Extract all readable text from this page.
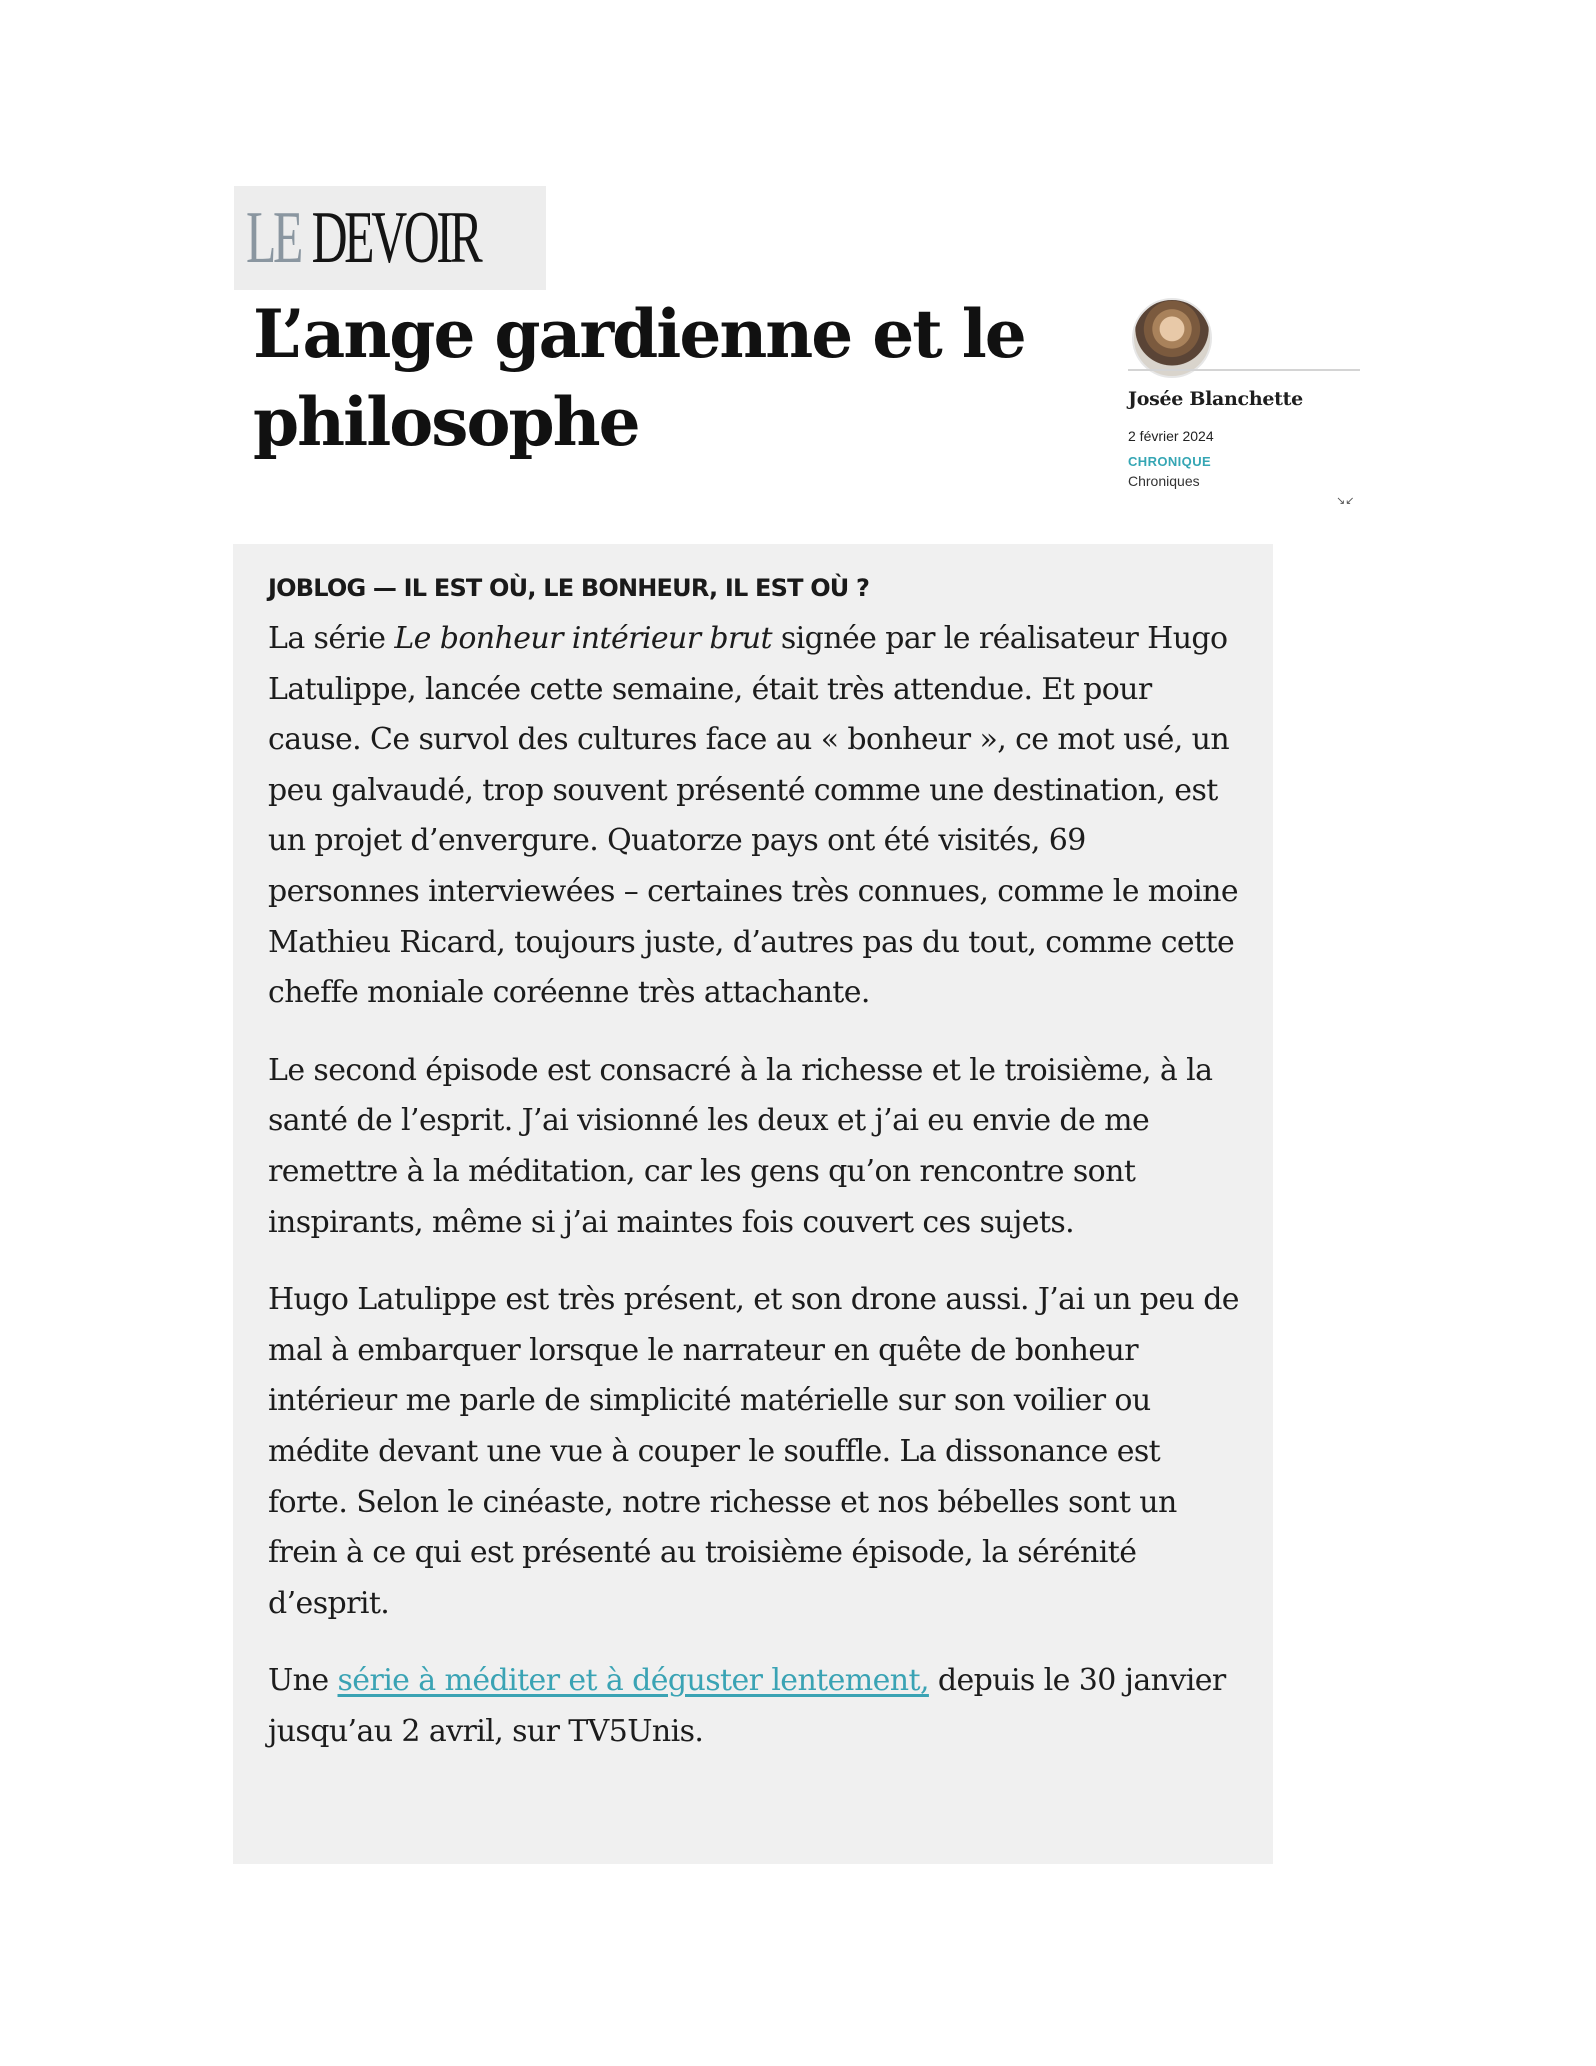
LE DEVOIR
L’ange gardienne et le philosophe	Josée Blanchette
2 février 2024
CHRONIQUE
Chroniques
↘↙
JOBLOG — IL EST OÙ, LE BONHEUR, IL EST OÙ ?

La série Le bonheur intérieur brut signée par le réalisateur Hugo Latulippe, lancée cette semaine, était très attendue. Et pour cause. Ce survol des cultures face au « bonheur », ce mot usé, un peu galvaudé, trop souvent présenté comme une destination, est un projet d’envergure. Quatorze pays ont été visités, 69 personnes interviewées – certaines très connues, comme le moine Mathieu Ricard, toujours juste, d’autres pas du tout, comme cette cheffe moniale coréenne très attachante.

Le second épisode est consacré à la richesse et le troisième, à la santé de l’esprit. J’ai visionné les deux et j’ai eu envie de me remettre à la méditation, car les gens qu’on rencontre sont inspirants, même si j’ai maintes fois couvert ces sujets.

Hugo Latulippe est très présent, et son drone aussi. J’ai un peu de mal à embarquer lorsque le narrateur en quête de bonheur intérieur me parle de simplicité matérielle sur son voilier ou médite devant une vue à couper le souffle. La dissonance est forte. Selon le cinéaste, notre richesse et nos bébelles sont un frein à ce qui est présenté au troisième épisode, la sérénité d’esprit.

Une série à méditer et à déguster lentement, depuis le 30 janvier jusqu’au 2 avril, sur TV5Unis.
